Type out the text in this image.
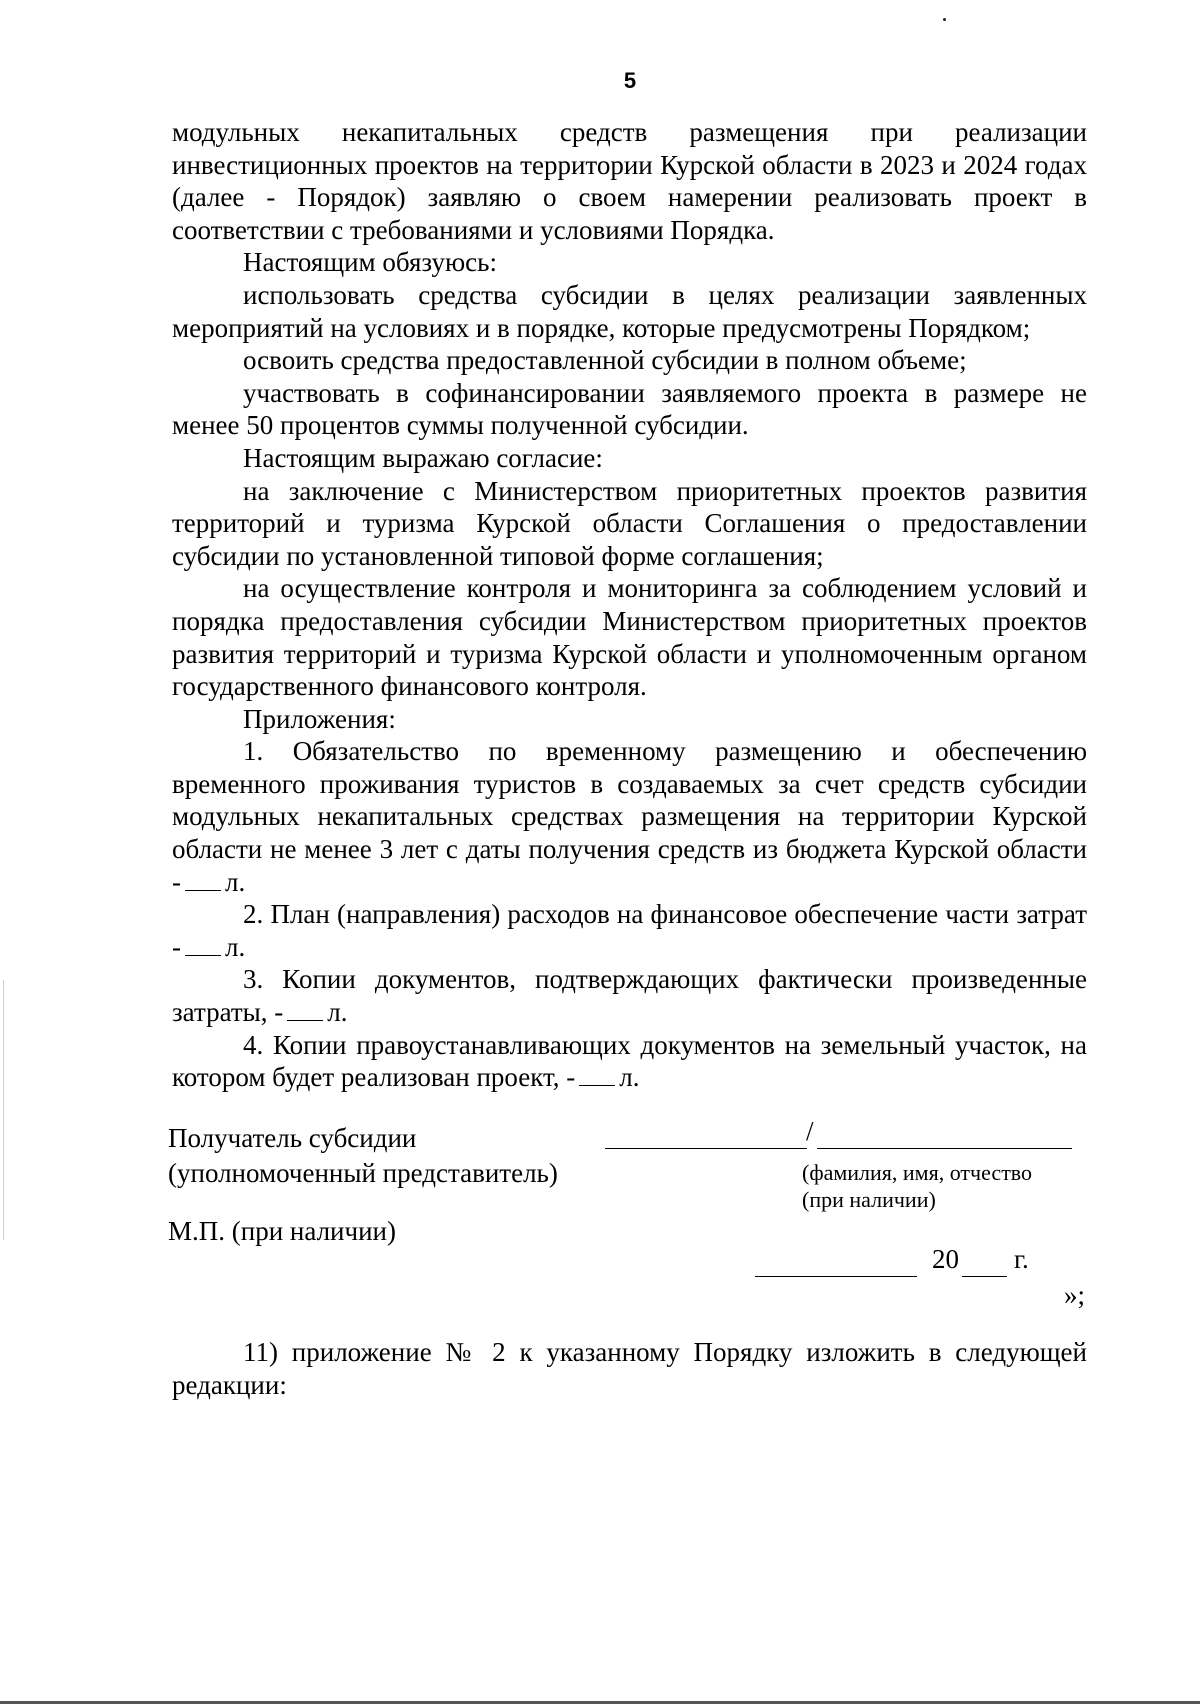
5

модульных некапитальных средств размещения при реализации инвестиционных проектов на территории Курской области в 2023 и 2024 годах (далее - Порядок) заявляю о своем намерении реализовать проект в соответствии с требованиями и условиями Порядка.

Настоящим обязуюсь:

использовать средства субсидии в целях реализации заявленных мероприятий на условиях и в порядке, которые предусмотрены Порядком;

освоить средства предоставленной субсидии в полном объеме;

участвовать в софинансировании заявляемого проекта в размере не менее 50 процентов суммы полученной субсидии.

Настоящим выражаю согласие:

на заключение с Министерством приоритетных проектов развития территорий и туризма Курской области Соглашения о предоставлении субсидии по установленной типовой форме соглашения;

на осуществление контроля и мониторинга за соблюдением условий и порядка предоставления субсидии Министерством приоритетных проектов развития территорий и туризма Курской области и уполномоченным органом государственного финансового контроля.

Приложения:

1. Обязательство по временному размещению и обеспечению временного проживания туристов в создаваемых за счет средств субсидии модульных некапитальных средствах размещения на территории Курской области не менее 3 лет с даты получения средств из бюджета Курской области - л.

2. План (направления) расходов на финансовое обеспечение части затрат - л.

3. Копии документов, подтверждающих фактически произведенные затраты, - л.

4. Копии правоустанавливающих документов на земельный участок, на котором будет реализован проект, - л.

Получатель субсидии
(уполномоченный представитель)
/
(фамилия, имя, отчество
(при наличии)
М.П. (при наличии)
20 г.
»;

11) приложение № 2 к указанному Порядку изложить в следующей редакции:
